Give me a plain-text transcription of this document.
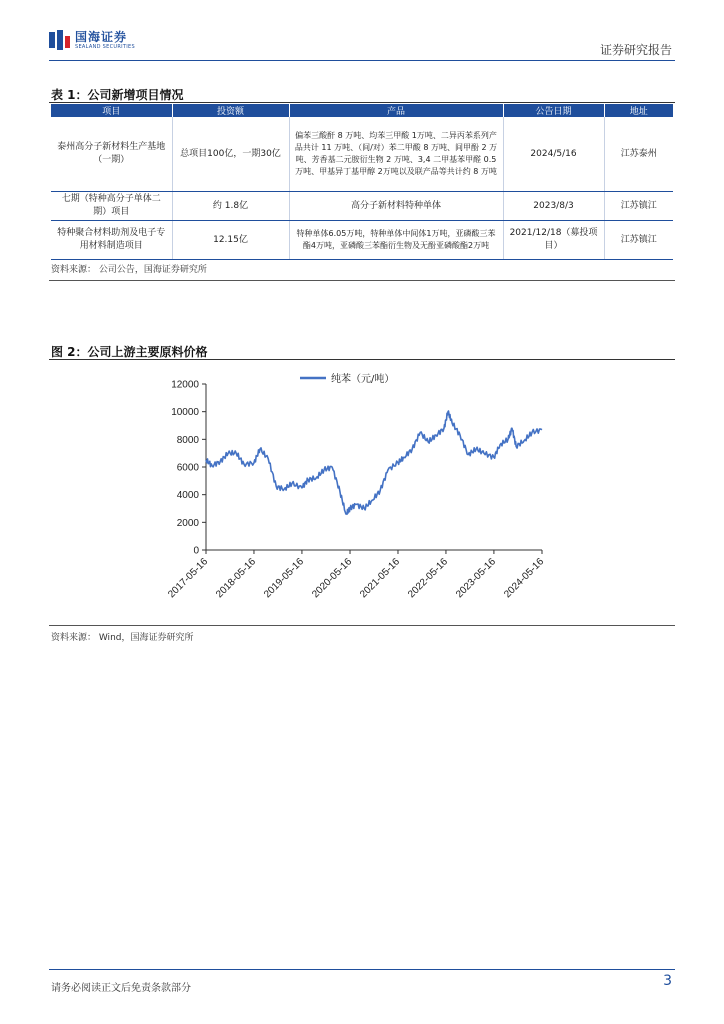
国海证券
SEALAND SECURITIES	证券研究报告
表 1：公司新增项目情况
项目	投资额	产品	公告日期	地址
泰州高分子新材料生产基地（一期）	总项目100亿，一期30亿	偏苯三酸酐 8 万吨、均苯三甲酸 1万吨、二异丙苯系列产品共计 11 万吨、（间/对）苯二甲酸 8 万吨、间甲酚 2 万吨、芳香基二元胺衍生物 2 万吨、3,4 二甲基苯甲醛 0.5 万吨、甲基异丁基甲醇 2万吨以及联产品等共计约 8 万吨	2024/5/16	江苏泰州
七期（特种高分子单体二期）项目	约 1.8亿	高分子新材料特种单体	2023/8/3	江苏镇江
特种聚合材料助剂及电子专用材料制造项目	12.15亿	特种单体6.05万吨，特种单体中间体1万吨，亚磷酸三苯酯4万吨，亚磷酸三苯酯衍生物及无酚亚磷酸酯2万吨	2021/12/18（募投项目）	江苏镇江
资料来源： 公司公告，国海证券研究所
图 2：公司上游主要原料价格
0
2000
4000
6000
8000
10000
12000
2017-05-16 2018-05-16 2019-05-16 2020-05-16 2021-05-16 2022-05-16 2023-05-16 2024-05-16
纯苯（元/吨）
资料来源： Wind，国海证券研究所
请务必阅读正文后免责条款部分	3
